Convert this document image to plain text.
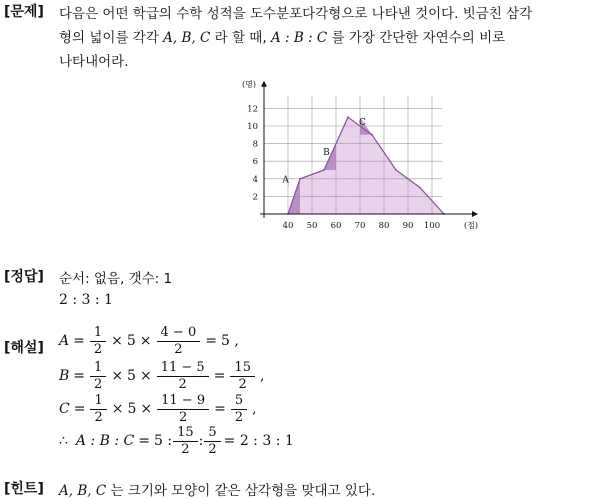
[문제] 다음은 어떤 학급의 수학 성적을 도수분포다각형으로 나타낸 것이다. 빗금친 삼각
형의 넓이를 각각 A, B, C 라 할 때, A : B : C 를 가장 간단한 자연수의 비로
나타내어라.
40 50 60 70 80 90 100
2
4
6
8
10
12
(명)
(점)
A
B
C
[정답] 순서: 없음, 갯수: 1
2 : 3 : 1
[해설] $A = \frac{1}{2} \times 5 \times \frac{4 - 0}{2} = 5$ ,
$B = \frac{1}{2} \times 5 \times \frac{11 - 5}{2} = \frac{15}{2}$ ,
$C = \frac{1}{2} \times 5 \times \frac{11 - 9}{2} = \frac{5}{2}$ ,
∴ A : B : C = 5 : $\frac{15}{2}$ : $\frac{5}{2} = 2$ : 3 : 1
[힌트] A, B, C 는 크기와 모양이 같은 삼각형을 맞대고 있다.
